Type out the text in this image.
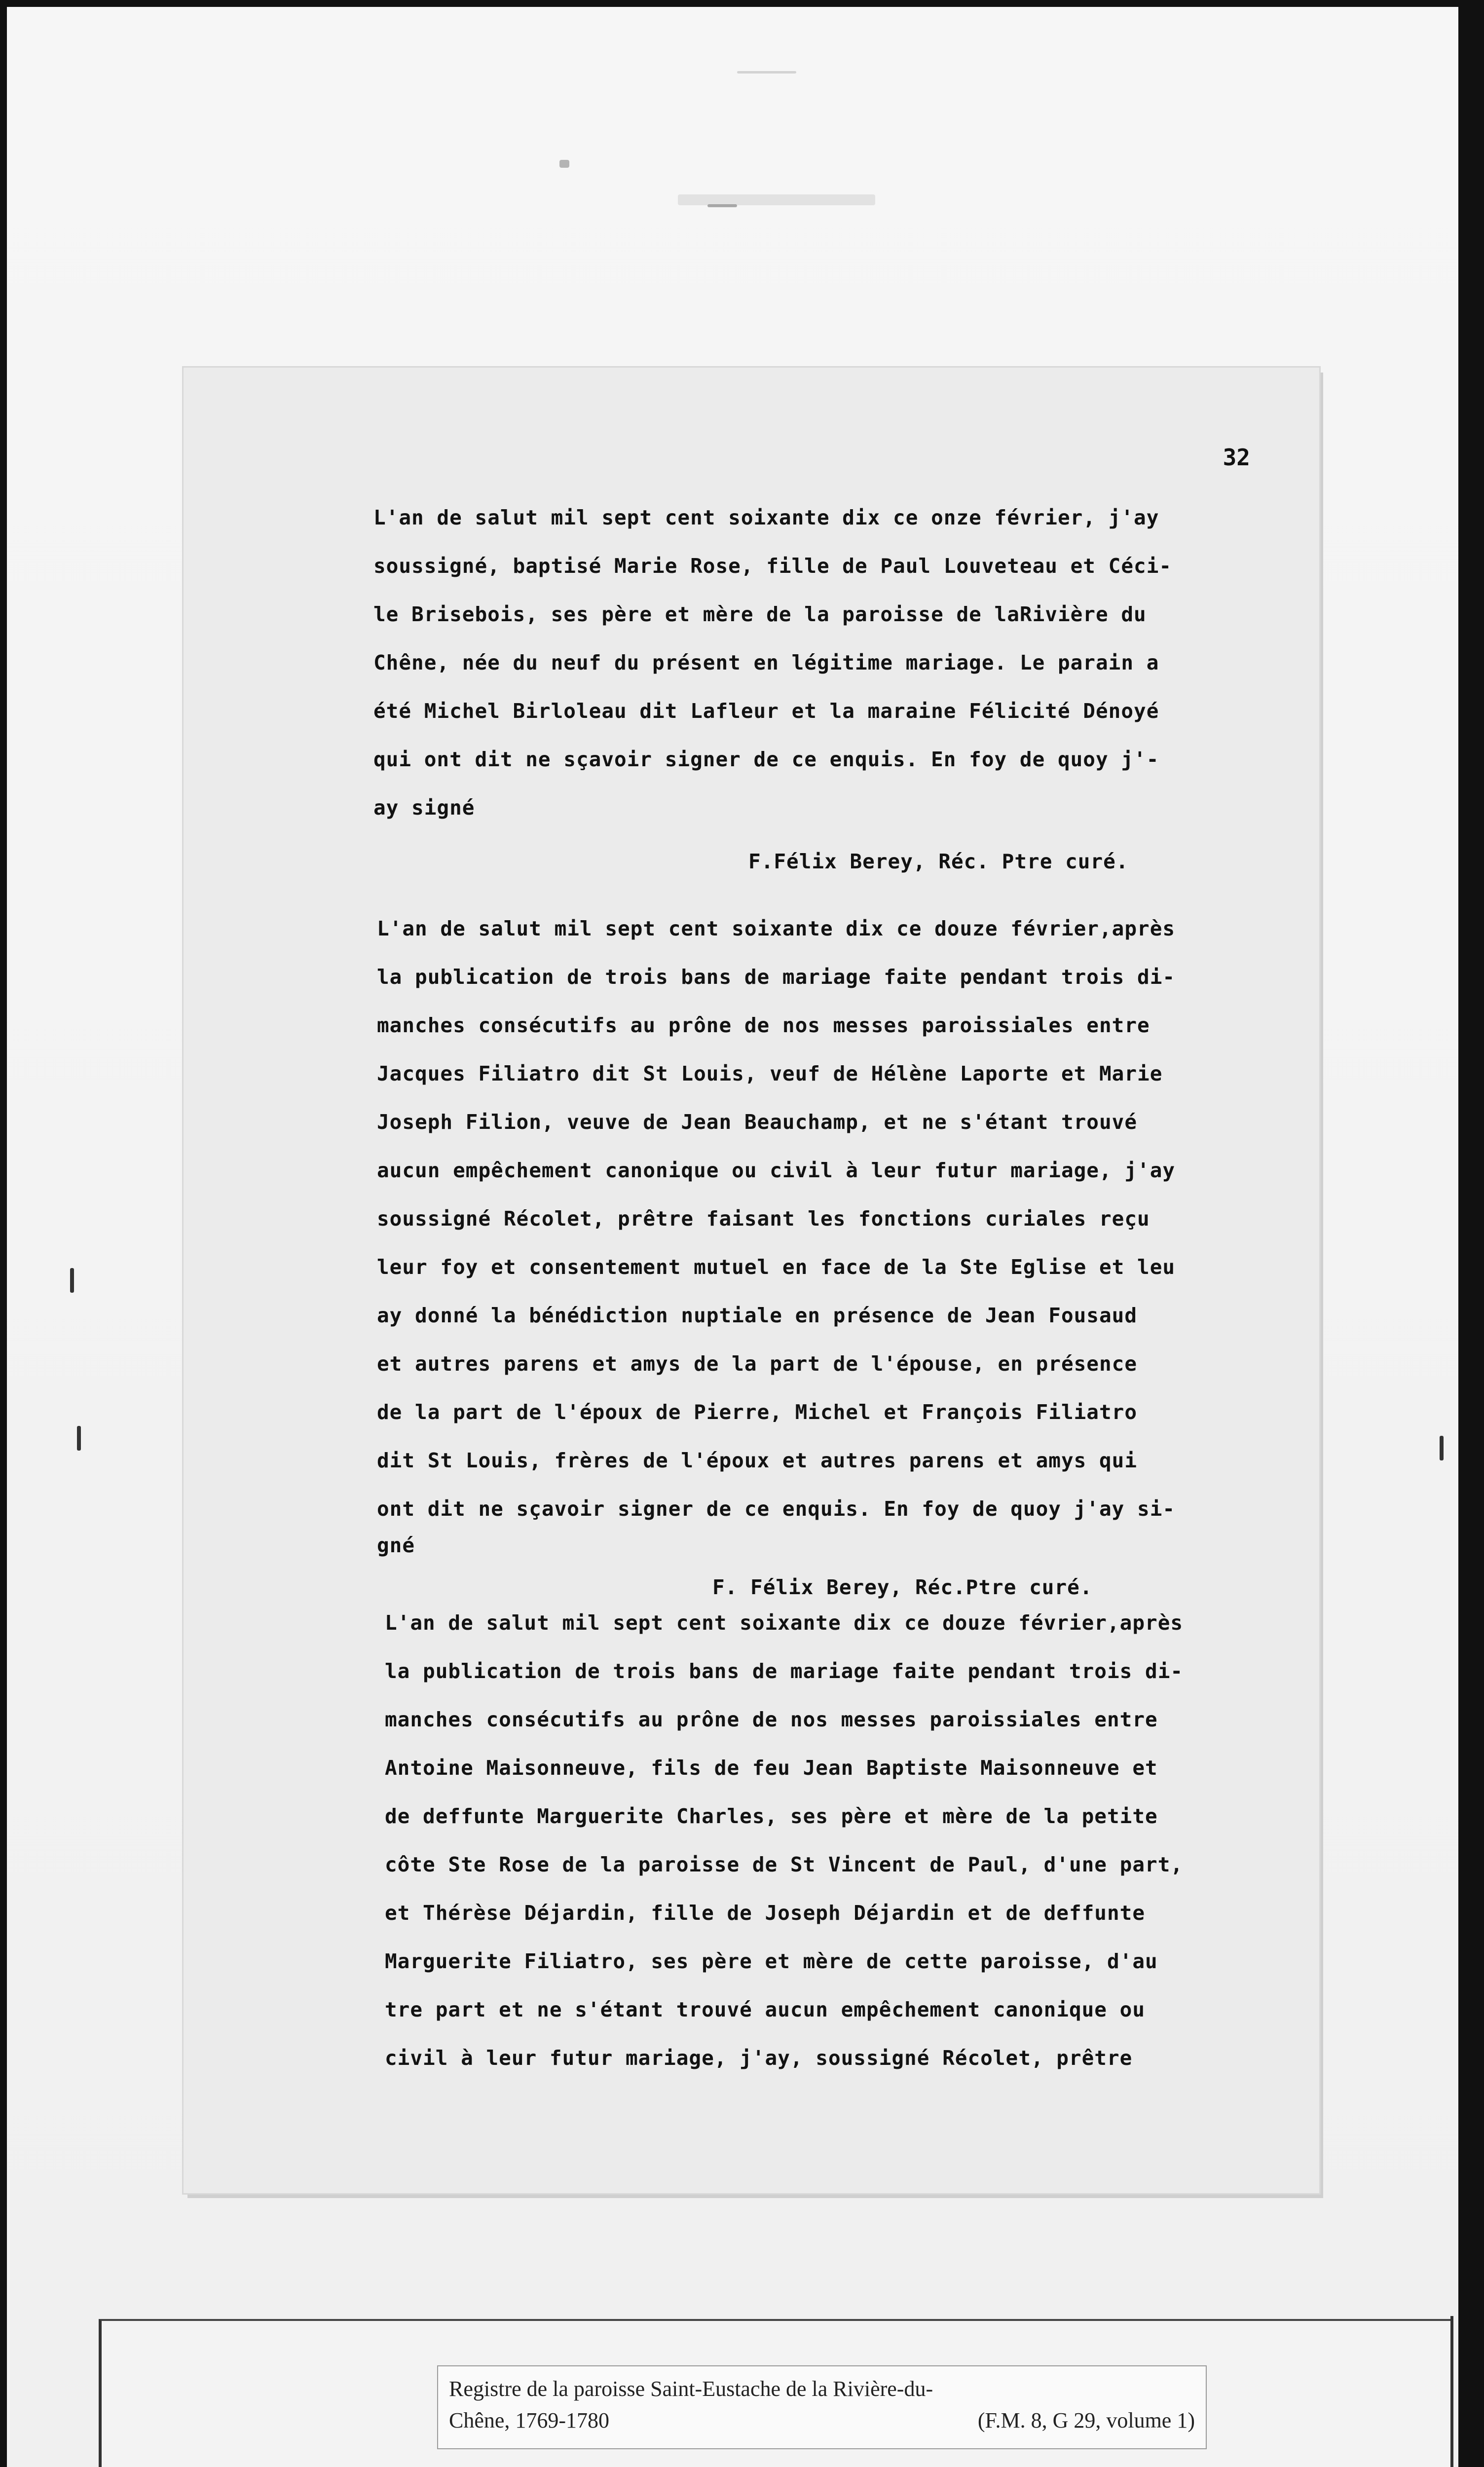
32
L'an de salut mil sept cent soixante dix ce onze février, j'ay
soussigné, baptisé Marie Rose, fille de Paul Louveteau et Céci-
le Brisebois, ses père et mère de la paroisse de laRivière du
Chêne, née du neuf du présent en légitime mariage. Le parain a
été Michel Birloleau dit Lafleur et la maraine Félicité Dénoyé
qui ont dit ne sçavoir signer de ce enquis. En foy de quoy j'-
ay signé
F.Félix Berey, Réc. Ptre curé.
L'an de salut mil sept cent soixante dix ce douze février,après
la publication de trois bans de mariage faite pendant trois di-
manches consécutifs au prône de nos messes paroissiales entre
Jacques Filiatro dit St Louis, veuf de Hélène Laporte et Marie
Joseph Filion, veuve de Jean Beauchamp, et ne s'étant trouvé
aucun empêchement canonique ou civil à leur futur mariage, j'ay
soussigné Récolet, prêtre faisant les fonctions curiales reçu
leur foy et consentement mutuel en face de la Ste Eglise et leu
ay donné la bénédiction nuptiale en présence de Jean Fousaud
et autres parens et amys de la part de l'épouse, en présence
de la part de l'époux de Pierre, Michel et François Filiatro
dit St Louis, frères de l'époux et autres parens et amys qui
ont dit ne sçavoir signer de ce enquis. En foy de quoy j'ay si-
gné
F. Félix Berey, Réc.Ptre curé.
L'an de salut mil sept cent soixante dix ce douze février,après
la publication de trois bans de mariage faite pendant trois di-
manches consécutifs au prône de nos messes paroissiales entre
Antoine Maisonneuve, fils de feu Jean Baptiste Maisonneuve et
de deffunte Marguerite Charles, ses père et mère de la petite
côte Ste Rose de la paroisse de St Vincent de Paul, d'une part,
et Thérèse Déjardin, fille de Joseph Déjardin et de deffunte
Marguerite Filiatro, ses père et mère de cette paroisse, d'au
tre part et ne s'étant trouvé aucun empêchement canonique ou
civil à leur futur mariage, j'ay, soussigné Récolet, prêtre
Registre de la paroisse Saint-Eustache de la Rivière-du-
Chêne, 1769-1780	(F.M. 8, G 29, volume 1)
